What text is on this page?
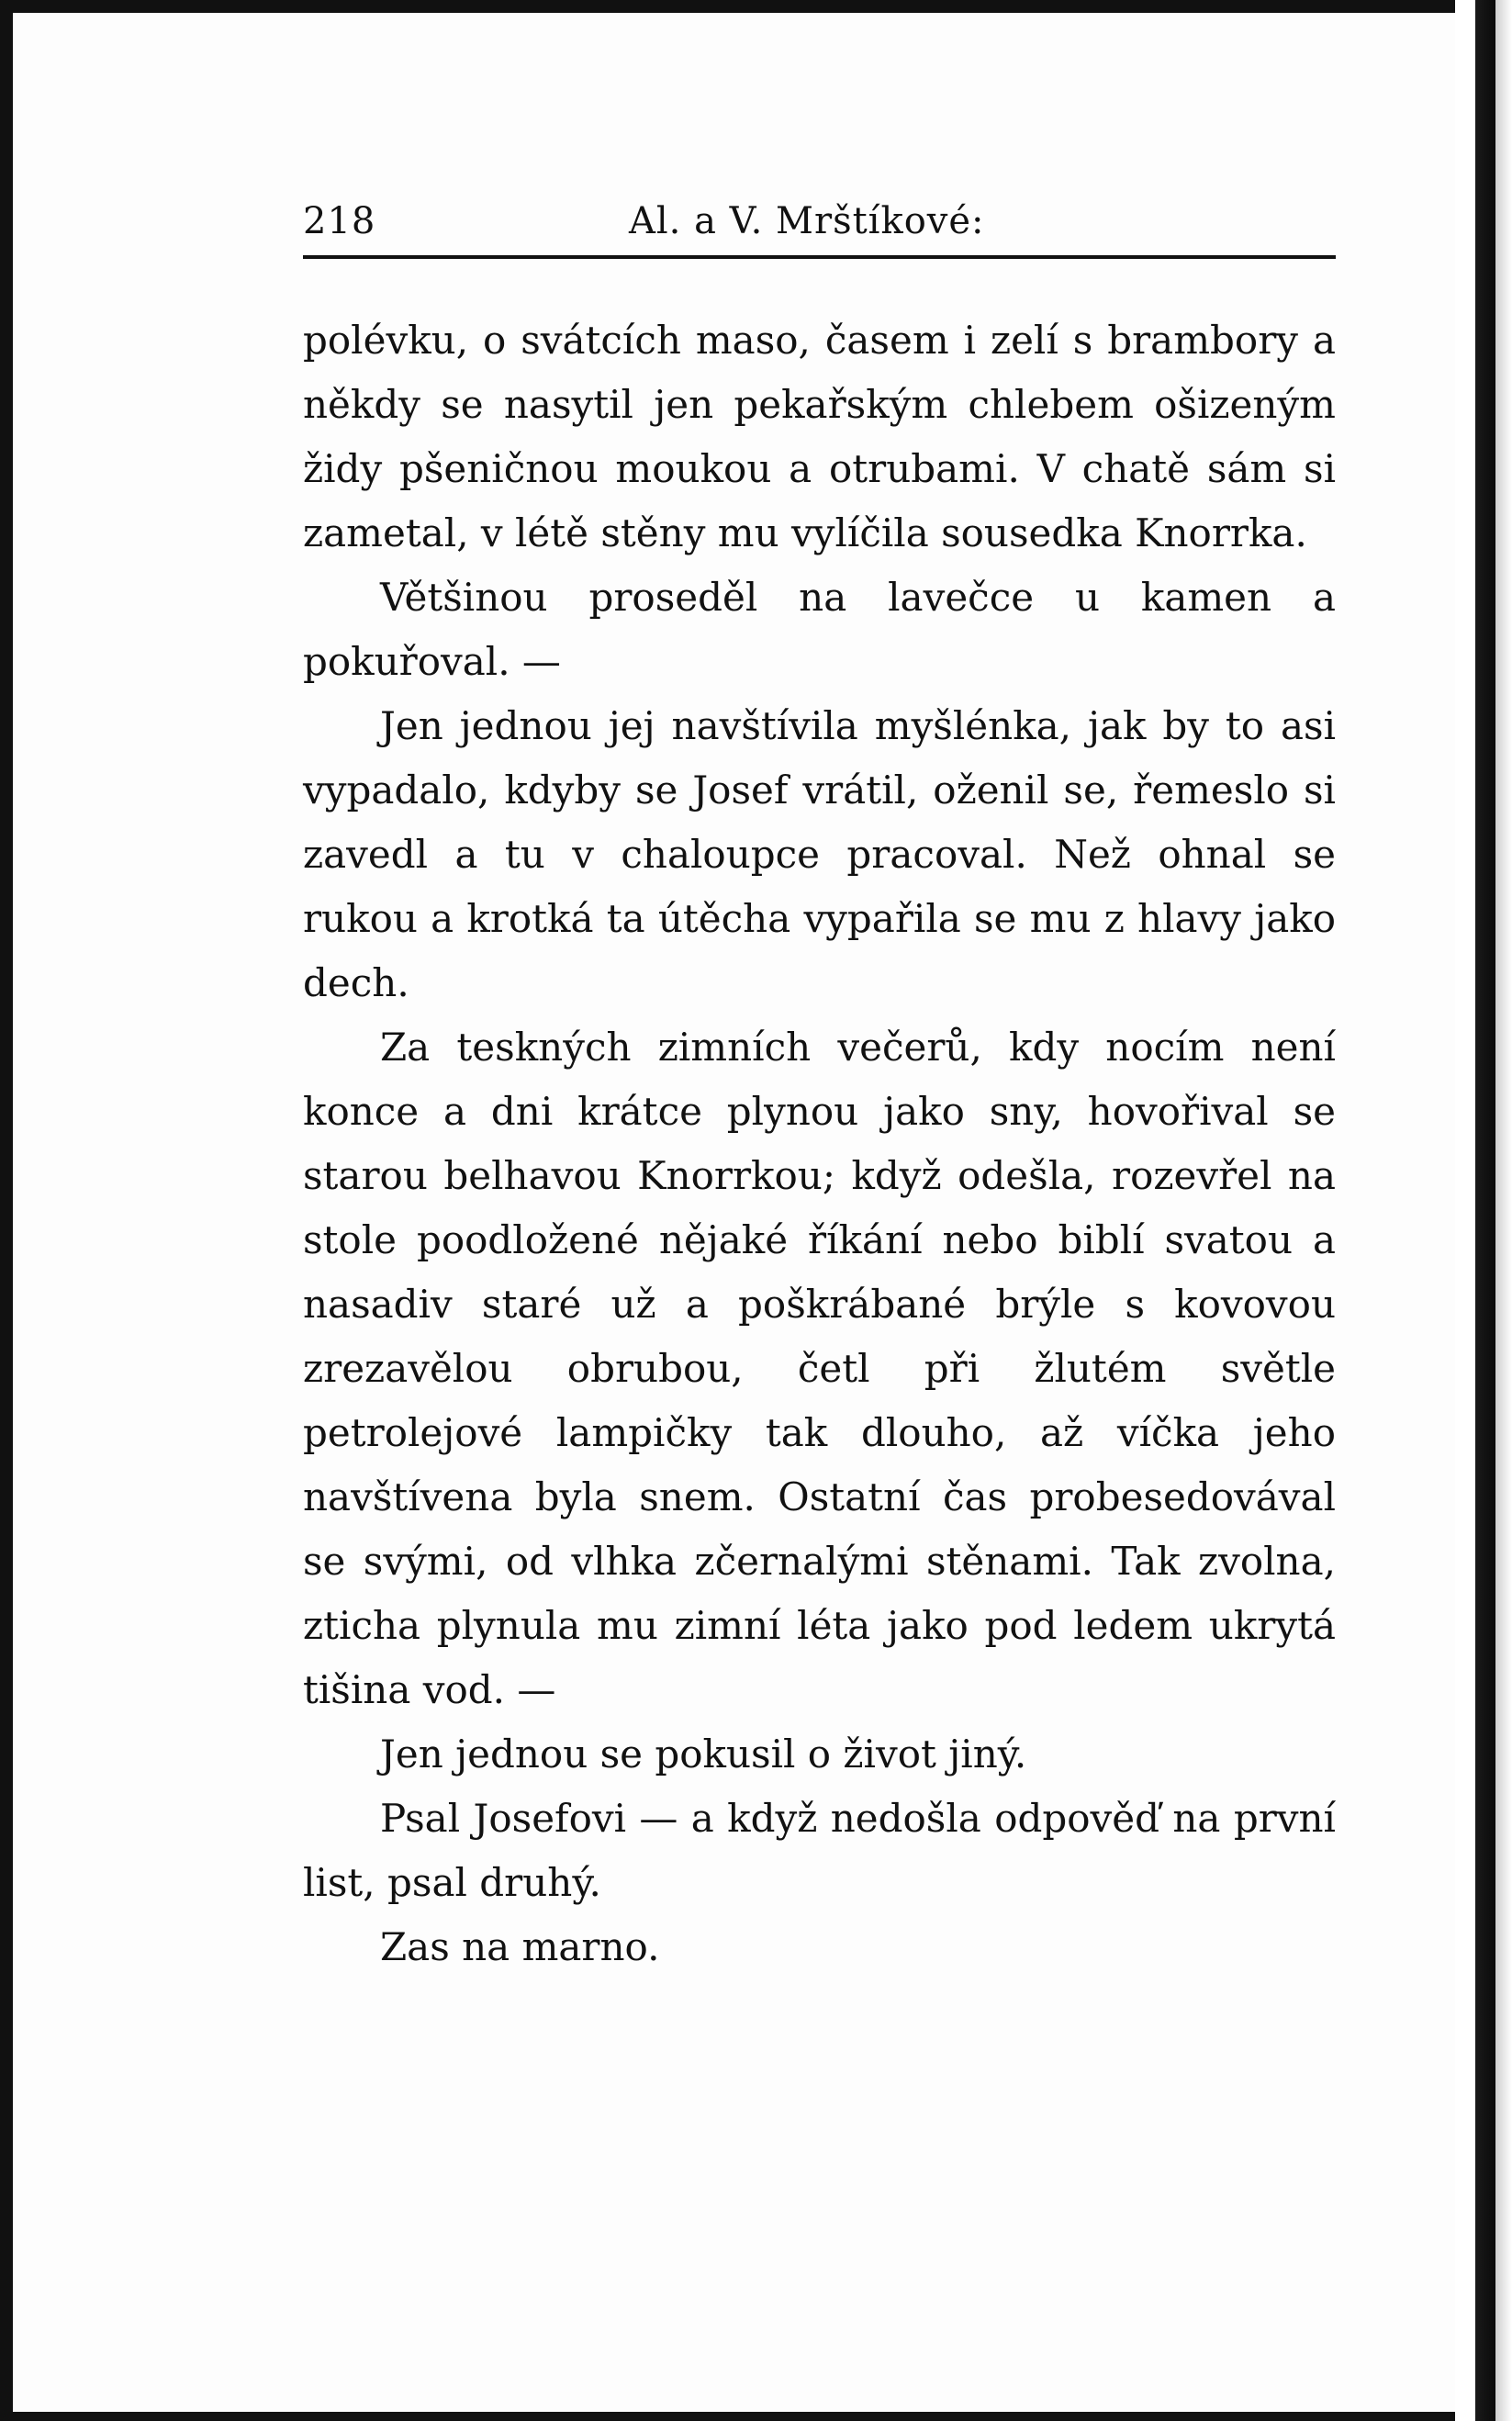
218	Al. a V. Mrštíkové:

polévku, o svátcích maso, časem i zelí s brambory a někdy se nasytil jen pekařským chlebem ošizeným židy pšeničnou moukou a otrubami. V chatě sám si zametal, v létě stěny mu vylíčila sousedka Knorrka.

Většinou proseděl na lavečce u kamen a pokuřoval. —

Jen jednou jej navštívila myšlénka, jak by to asi vypadalo, kdyby se Josef vrátil, oženil se, řemeslo si zavedl a tu v chaloupce pracoval. Než ohnal se rukou a krotká ta útěcha vypařila se mu z hlavy jako dech.

Za teskných zimních večerů, kdy nocím není konce a dni krátce plynou jako sny, hovořival se starou belhavou Knorrkou; když odešla, rozevřel na stole poodložené nějaké říkání nebo biblí svatou a nasadiv staré už a poškrábané brýle s kovovou zrezavělou obrubou, četl při žlutém světle petrolejové lampičky tak dlouho, až víčka jeho navštívena byla snem. Ostatní čas probesedovával se svými, od vlhka zčernalými stěnami. Tak zvolna, zticha plynula mu zimní léta jako pod ledem ukrytá tišina vod. —

Jen jednou se pokusil o život jiný.

Psal Josefovi — a když nedošla odpověď na první list, psal druhý.

Zas na marno.
